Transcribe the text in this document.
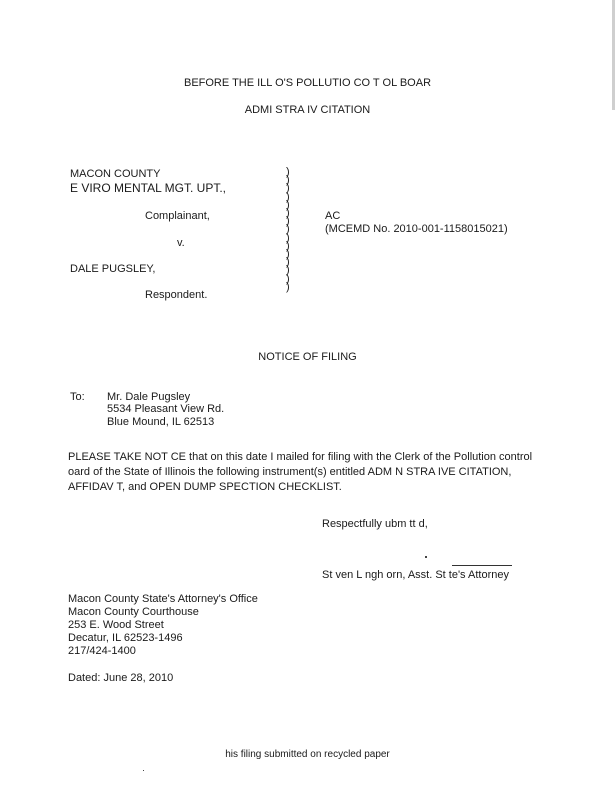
BEFORE THE ILL O'S POLLUTIO CO T OL BOAR
ADMI STRA IV CITATION
MACON COUNTY
E VIRO MENTAL MGT. UPT.,
Complainant,
v.
DALE PUGSLEY,
Respondent.
)
)
)
)
)
)
)
)
)
)
)
)
)
)
)
AC
(MCEMD No. 2010-001-1158015021)
NOTICE OF FILING
To: Mr. Dale Pugsley
5534 Pleasant View Rd.
Blue Mound, IL 62513
PLEASE TAKE NOT CE that on this date I mailed for filing with the Clerk of the Pollution control oard of the State of Illinois the following instrument(s) entitled ADM N STRA IVE CITATION, AFFIDAV T, and OPEN DUMP SPECTION CHECKLIST.
Respectfully ubm tt d,
St ven L ngh orn, Asst. St te's Attorney
Macon County State's Attorney's Office
Macon County Courthouse
253 E. Wood Street
Decatur, IL 62523-1496
217/424-1400
Dated: June 28, 2010
his filing submitted on recycled paper
